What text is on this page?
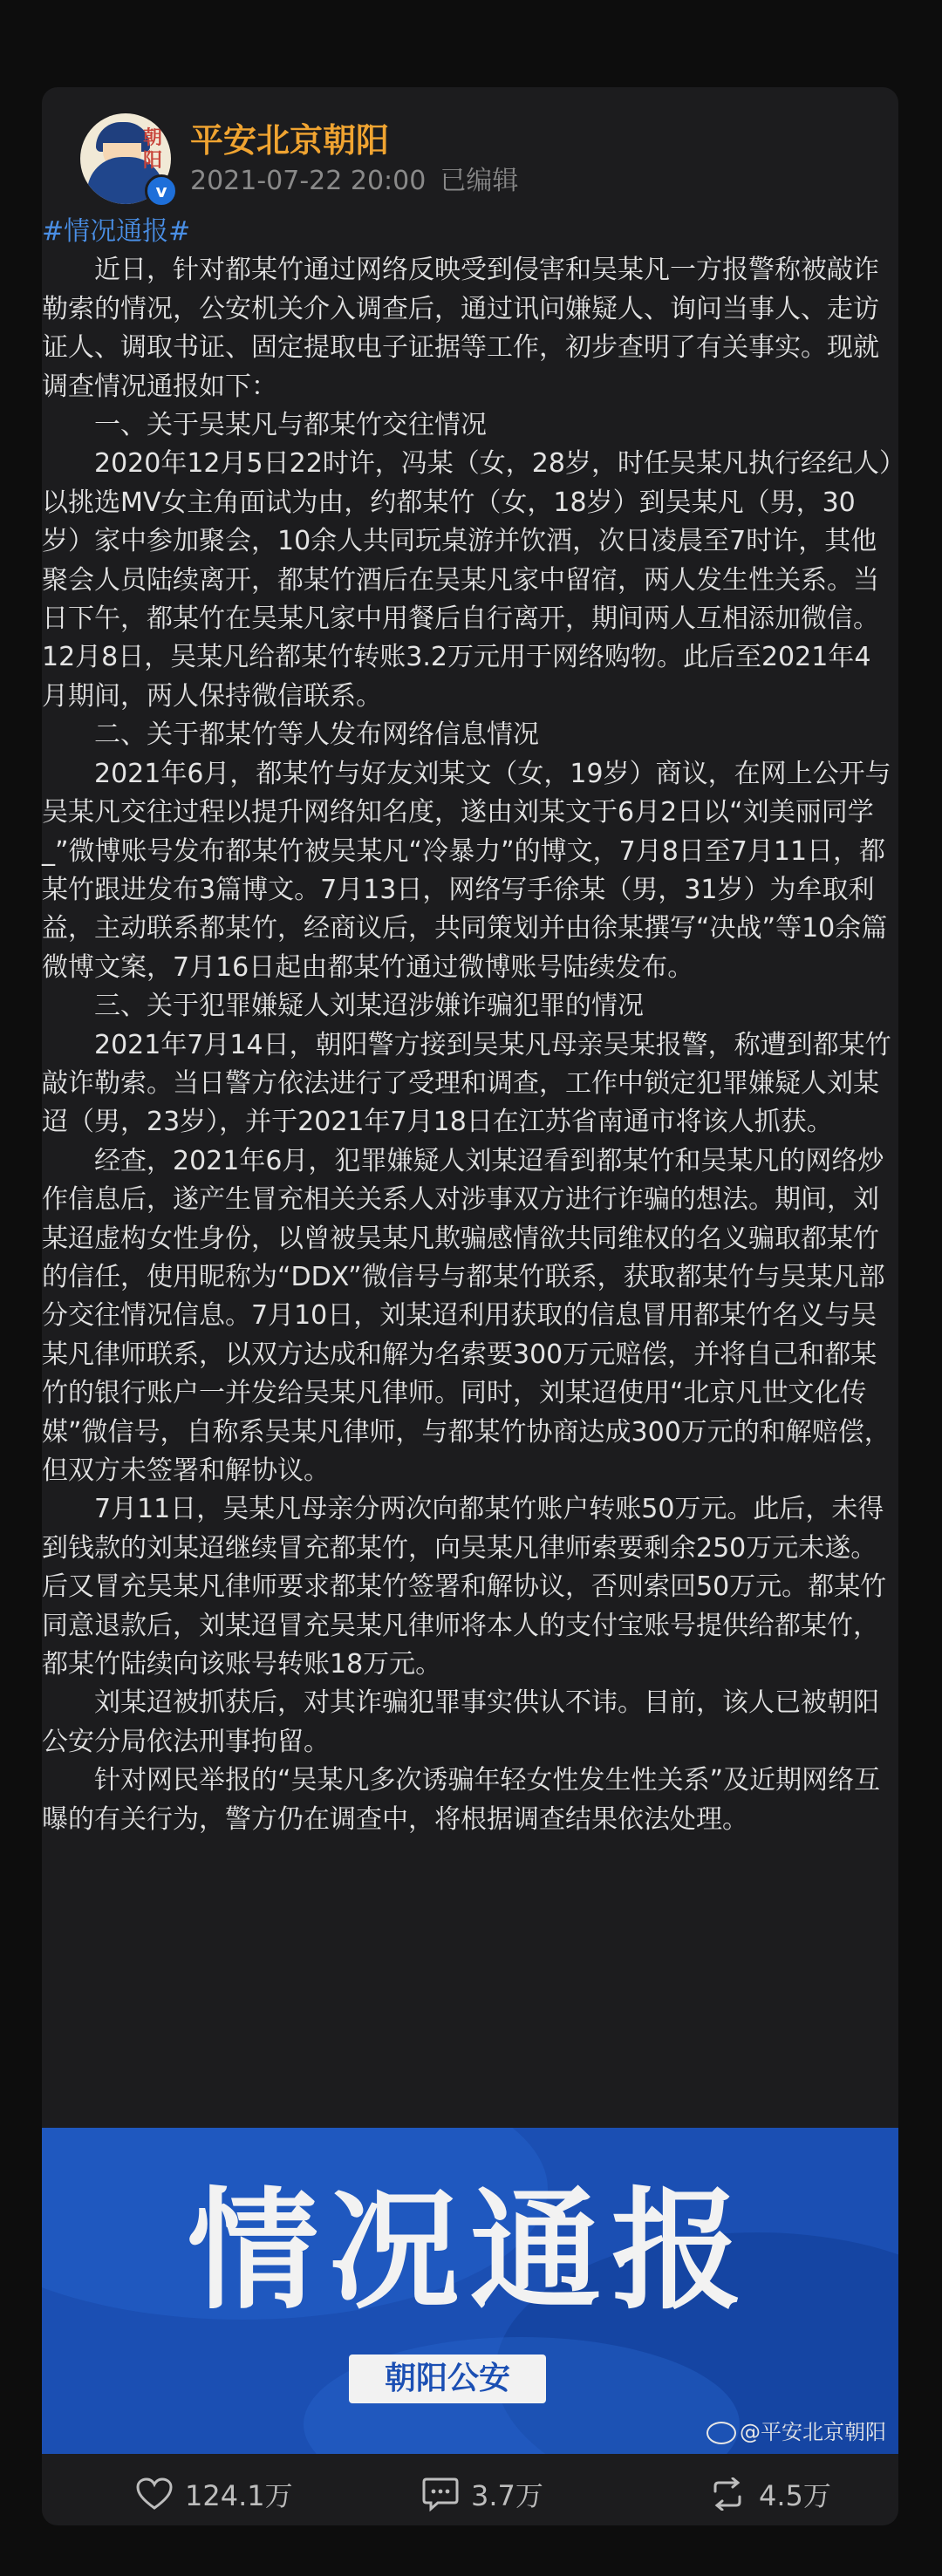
朝阳
v
平安北京朝阳
2021-07-22 20:00 已编辑
#情况通报#
近日，针对都某竹通过网络反映受到侵害和吴某凡一方报警称被敲诈勒索的情况，公安机关介入调查后，通过讯问嫌疑人、询问当事人、走访证人、调取书证、固定提取电子证据等工作，初步查明了有关事实。现就调查情况通报如下：
一、关于吴某凡与都某竹交往情况
2020年12月5日22时许，冯某（女，28岁，时任吴某凡执行经纪人）以挑选MV女主角面试为由，约都某竹（女，18岁）到吴某凡（男，30岁）家中参加聚会，10余人共同玩桌游并饮酒，次日凌晨至7时许，其他聚会人员陆续离开，都某竹酒后在吴某凡家中留宿，两人发生性关系。当日下午，都某竹在吴某凡家中用餐后自行离开，期间两人互相添加微信。12月8日，吴某凡给都某竹转账3.2万元用于网络购物。此后至2021年4月期间，两人保持微信联系。
二、关于都某竹等人发布网络信息情况
2021年6月，都某竹与好友刘某文（女，19岁）商议，在网上公开与吴某凡交往过程以提升网络知名度，遂由刘某文于6月2日以“刘美丽同学_”微博账号发布都某竹被吴某凡“冷暴力”的博文，7月8日至7月11日，都某竹跟进发布3篇博文。7月13日，网络写手徐某（男，31岁）为牟取利益，主动联系都某竹，经商议后，共同策划并由徐某撰写“决战”等10余篇微博文案，7月16日起由都某竹通过微博账号陆续发布。
三、关于犯罪嫌疑人刘某迢涉嫌诈骗犯罪的情况
2021年7月14日，朝阳警方接到吴某凡母亲吴某报警，称遭到都某竹敲诈勒索。当日警方依法进行了受理和调查，工作中锁定犯罪嫌疑人刘某迢（男，23岁），并于2021年7月18日在江苏省南通市将该人抓获。
经查，2021年6月，犯罪嫌疑人刘某迢看到都某竹和吴某凡的网络炒作信息后，遂产生冒充相关关系人对涉事双方进行诈骗的想法。期间，刘某迢虚构女性身份，以曾被吴某凡欺骗感情欲共同维权的名义骗取都某竹的信任，使用昵称为“DDX”微信号与都某竹联系，获取都某竹与吴某凡部分交往情况信息。7月10日，刘某迢利用获取的信息冒用都某竹名义与吴某凡律师联系，以双方达成和解为名索要300万元赔偿，并将自己和都某竹的银行账户一并发给吴某凡律师。同时，刘某迢使用“北京凡世文化传媒”微信号，自称系吴某凡律师，与都某竹协商达成300万元的和解赔偿，但双方未签署和解协议。
7月11日，吴某凡母亲分两次向都某竹账户转账50万元。此后，未得到钱款的刘某迢继续冒充都某竹，向吴某凡律师索要剩余250万元未遂。后又冒充吴某凡律师要求都某竹签署和解协议，否则索回50万元。都某竹同意退款后，刘某迢冒充吴某凡律师将本人的支付宝账号提供给都某竹，都某竹陆续向该账号转账18万元。
刘某迢被抓获后，对其诈骗犯罪事实供认不讳。目前，该人已被朝阳公安分局依法刑事拘留。
针对网民举报的“吴某凡多次诱骗年轻女性发生性关系”及近期网络互曝的有关行为，警方仍在调查中，将根据调查结果依法处理。
情况通报
朝阳公安
@平安北京朝阳
124.1万	3.7万	4.5万
